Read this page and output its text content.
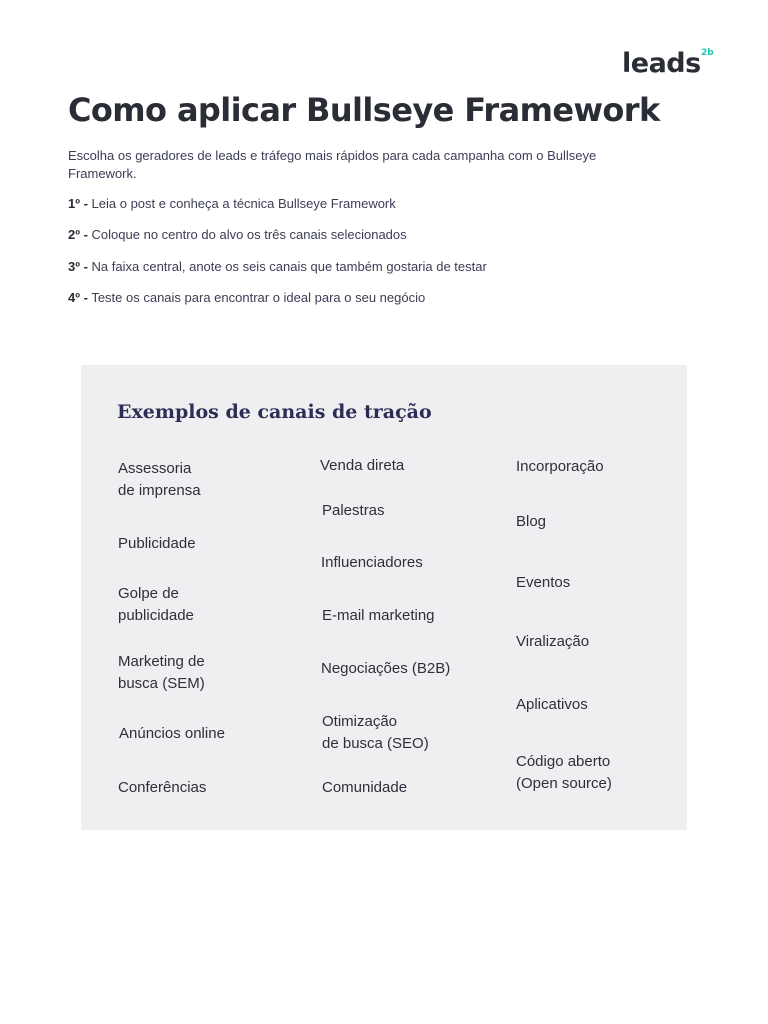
leads 2b
Como aplicar Bullseye Framework

Escolha os geradores de leads e tráfego mais rápidos para cada campanha com o Bullseye Framework.

1º - Leia o post e conheça a técnica Bullseye Framework

2º - Coloque no centro do alvo os três canais selecionados

3º - Na faixa central, anote os seis canais que também gostaria de testar

4º - Teste os canais para encontrar o ideal para o seu negócio

Exemplos de canais de tração

Assessoria
de imprensa

Publicidade

Golpe de
publicidade

Marketing de
busca (SEM)

Anúncios online

Conferências

Venda direta

Palestras

Influenciadores

E-mail marketing

Negociações (B2B)

Otimização
de busca (SEO)

Comunidade

Incorporação

Blog

Eventos

Viralização

Aplicativos

Código aberto
(Open source)
